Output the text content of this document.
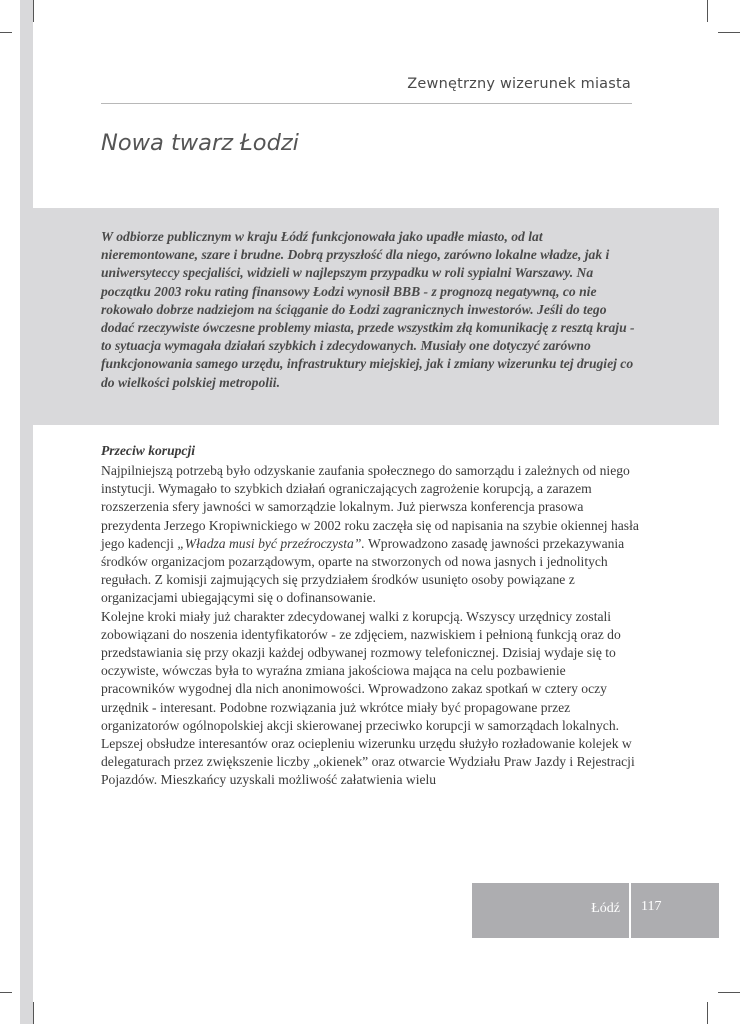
Zewnętrzny wizerunek miasta
Nowa twarz Łodzi

W odbiorze publicznym w kraju Łódź funkcjonowała jako upadłe miasto, od lat nieremontowane, szare i brudne. Dobrą przyszłość dla niego, zarówno lokalne władze, jak i uniwersyteccy specjaliści, widzieli w najlepszym przypadku w roli sypialni Warszawy. Na początku 2003 roku rating finansowy Łodzi wynosił BBB - z prognozą negatywną, co nie rokowało dobrze nadziejom na ściąganie do Łodzi zagranicznych inwestorów. Jeśli do tego dodać rzeczywiste ówczesne problemy miasta, przede wszystkim złą komunikację z resztą kraju - to sytuacja wymagała działań szybkich i zdecydowanych. Musiały one dotyczyć zarówno funkcjonowania samego urzędu, infrastruktury miejskiej, jak i zmiany wizerunku tej drugiej co do wielkości polskiej metropolii.

Przeciw korupcji

Najpilniejszą potrzebą było odzyskanie zaufania społecznego do samorządu i zależnych od niego instytucji. Wymagało to szybkich działań ograniczających zagrożenie korupcją, a zarazem rozszerzenia sfery jawności w samorządzie lokalnym. Już pierwsza konferencja prasowa prezydenta Jerzego Kropiwnickiego w 2002 roku zaczęła się od napisania na szybie okiennej hasła jego kadencji „Władza musi być przeźroczysta”. Wprowadzono zasadę jawności przekazywania środków organizacjom pozarządowym, oparte na stworzonych od nowa jasnych i jednolitych regułach. Z komisji zajmujących się przydziałem środków usunięto osoby powiązane z organizacjami ubiegającymi się o dofinansowanie.
Kolejne kroki miały już charakter zdecydowanej walki z korupcją. Wszyscy urzędnicy zostali zobowiązani do noszenia identyfikatorów - ze zdjęciem, nazwiskiem i pełnioną funkcją oraz do przedstawiania się przy okazji każdej odbywanej rozmowy telefonicznej. Dzisiaj wydaje się to oczywiste, wówczas była to wyraźna zmiana jakościowa mająca na celu pozbawienie pracowników wygodnej dla nich anonimowości. Wprowadzono zakaz spotkań w cztery oczy urzędnik - interesant. Podobne rozwiązania już wkrótce miały być propagowane przez organizatorów ogólnopolskiej akcji skierowanej przeciwko korupcji w samorządach lokalnych.
Lepszej obsłudze interesantów oraz ociepleniu wizerunku urzędu służyło rozładowanie kolejek w delegaturach przez zwiększenie liczby „okienek” oraz otwarcie Wydziału Praw Jazdy i Rejestracji Pojazdów. Mieszkańcy uzyskali możliwość załatwienia wielu
Łódź 117
